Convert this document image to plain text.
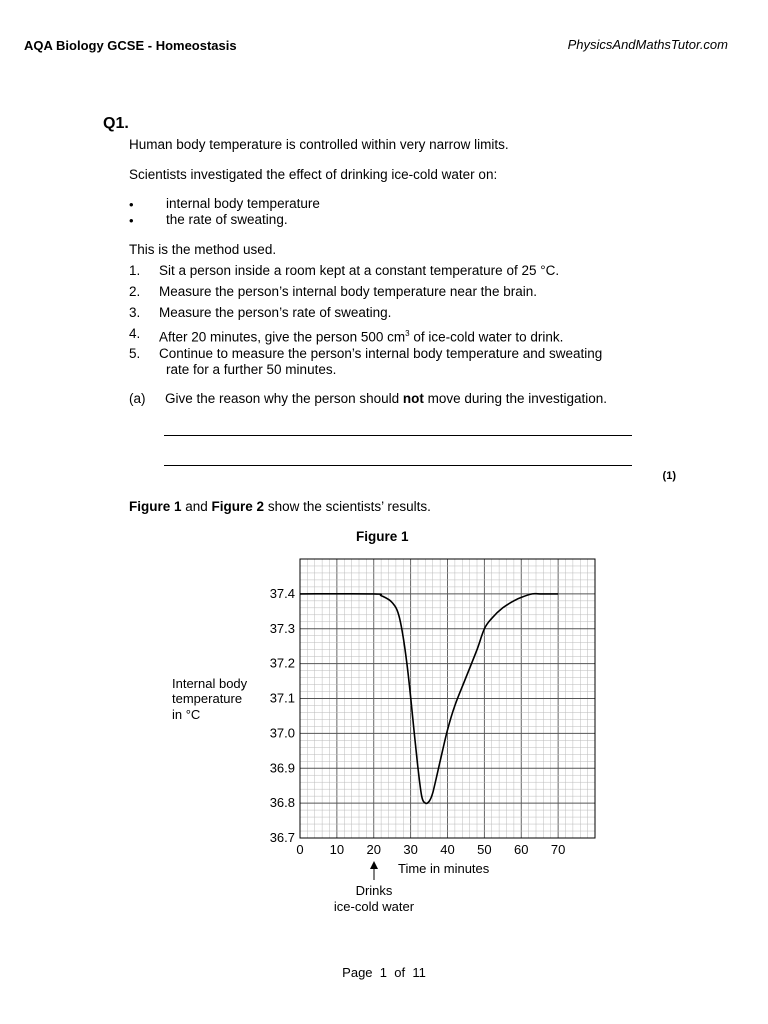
AQA Biology GCSE - Homeostasis	PhysicsAndMathsTutor.com
Q1.
Human body temperature is controlled within very narrow limits.
Scientists investigated the effect of drinking ice-cold water on:
• internal body temperature
• the rate of sweating.
This is the method used.
1. Sit a person inside a room kept at a constant temperature of 25 °C.
2. Measure the person’s internal body temperature near the brain.
3. Measure the person’s rate of sweating.
4. After 20 minutes, give the person 500 $cm^3$ of ice-cold water to drink.
5. Continue to measure the person’s internal body temperature and sweating
rate for a further 50 minutes.
(a) Give the reason why the person should not move during the investigation.
(1)
Figure 1 and Figure 2 show the scientists’ results.
Figure 1
0 10 20 30 40 50 60 70
36.7
36.8
36.9
37.0
37.1
37.2
37.3
37.4
Internal body
temperature
in °C
Time in minutes
Drinks
ice-cold water
Page 1 of 11
